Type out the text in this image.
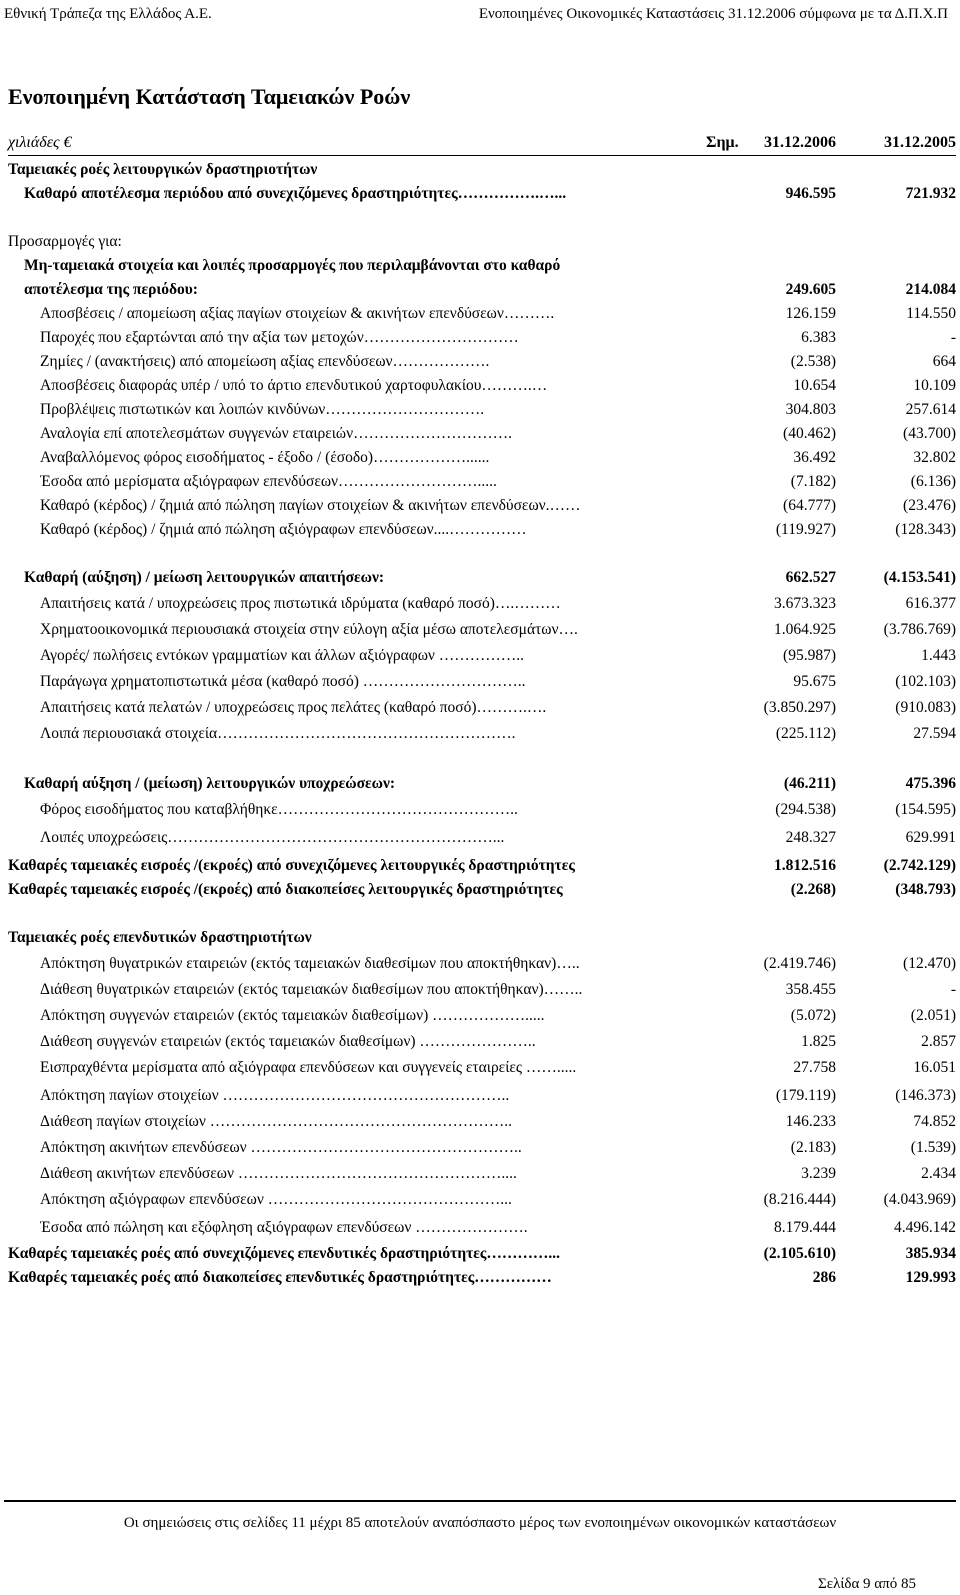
Εθνική Τράπεζα της Ελλάδος Α.Ε.	Ενοποιημένες Οικονομικές Καταστάσεις 31.12.2006 σύμφωνα με τα Δ.Π.Χ.Π
Ενοποιημένη Κατάσταση Ταμειακών Ροών
χιλιάδες €	Σημ.	31.12.2006	31.12.2005
Ταμειακές ροές λειτουργικών δραστηριοτήτων
Καθαρό αποτέλεσμα περιόδου από συνεχιζόμενες δραστηριότητες…………….…...	946.595	721.932
Προσαρμογές για:
Μη-ταμειακά στοιχεία και λοιπές προσαρμογές που περιλαμβάνονται στο καθαρό
αποτέλεσμα της περιόδου:	249.605	214.084
Αποσβέσεις / απομείωση αξίας παγίων στοιχείων & ακινήτων επενδύσεων……….	126.159	114.550
Παροχές που εξαρτώνται από την αξία των μετοχών…………………………	6.383	-
Ζημίες / (ανακτήσεις) από απομείωση αξίας επενδύσεων……………….	(2.538)	664
Αποσβέσεις διαφοράς υπέρ / υπό το άρτιο επενδυτικού χαρτοφυλακίου……….…	10.654	10.109
Προβλέψεις πιστωτικών και λοιπών κινδύνων………………………….	304.803	257.614
Αναλογία επί αποτελεσμάτων συγγενών εταιρειών………………………….	(40.462)	(43.700)
Αναβαλλόμενος φόρος εισοδήματος - έξοδο / (έσοδο)………………......	36.492	32.802
Έσοδα από μερίσματα αξιόγραφων επενδύσεων……………………….....	(7.182)	(6.136)
Καθαρό (κέρδος) / ζημιά από πώληση παγίων στοιχείων & ακινήτων επενδύσεων.……	(64.777)	(23.476)
Καθαρό (κέρδος) / ζημιά από πώληση αξιόγραφων επενδύσεων....……………	(119.927)	(128.343)
Καθαρή (αύξηση) / μείωση λειτουργικών απαιτήσεων:	662.527	(4.153.541)
Απαιτήσεις κατά / υποχρεώσεις προς πιστωτικά ιδρύματα (καθαρό ποσό)….………	3.673.323	616.377
Χρηματοοικονομικά περιουσιακά στοιχεία στην εύλογη αξία μέσω αποτελεσμάτων….	1.064.925	(3.786.769)
Αγορές/ πωλήσεις εντόκων γραμματίων και άλλων αξιόγραφων ……………..	(95.987)	1.443
Παράγωγα χρηματοπιστωτικά μέσα (καθαρό ποσό) …………………………..	95.675	(102.103)
Απαιτήσεις κατά πελατών / υποχρεώσεις προς πελάτες (καθαρό ποσό)……….….	(3.850.297)	(910.083)
Λοιπά περιουσιακά στοιχεία………………………………………………….	(225.112)	27.594
Καθαρή αύξηση / (μείωση) λειτουργικών υποχρεώσεων:	(46.211)	475.396
Φόρος εισοδήματος που καταβλήθηκε………………………………………..	(294.538)	(154.595)
Λοιπές υποχρεώσεις………………………………………………………...	248.327	629.991
Καθαρές ταμειακές εισροές /(εκροές) από συνεχιζόμενες λειτουργικές δραστηριότητες	1.812.516	(2.742.129)
Καθαρές ταμειακές εισροές /(εκροές) από διακοπείσες λειτουργικές δραστηριότητες	(2.268)	(348.793)
Ταμειακές ροές επενδυτικών δραστηριοτήτων
Απόκτηση θυγατρικών εταιρειών (εκτός ταμειακών διαθεσίμων που αποκτήθηκαν)…..	(2.419.746)	(12.470)
Διάθεση θυγατρικών εταιρειών (εκτός ταμειακών διαθεσίμων που αποκτήθηκαν)……..	358.455	-
Απόκτηση συγγενών εταιρειών (εκτός ταμειακών διαθεσίμων) ……………….....	(5.072)	(2.051)
Διάθεση συγγενών εταιρειών (εκτός ταμειακών διαθεσίμων) …………………..	1.825	2.857
Εισπραχθέντα μερίσματα από αξιόγραφα επενδύσεων και συγγενείς εταιρείες …….....	27.758	16.051
Απόκτηση παγίων στοιχείων ………………………………………………..	(179.119)	(146.373)
Διάθεση παγίων στοιχείων …………………………………………………..	146.233	74.852
Απόκτηση ακινήτων επενδύσεων ……………………………………………..	(2.183)	(1.539)
Διάθεση ακινήτων επενδύσεων ……………………………………………....	3.239	2.434
Απόκτηση αξιόγραφων επενδύσεων ………………………………………...	(8.216.444)	(4.043.969)
Έσοδα από πώληση και εξόφληση αξιόγραφων επενδύσεων ………………….	8.179.444	4.496.142
Καθαρές ταμειακές ροές από συνεχιζόμενες επενδυτικές δραστηριότητες…………...	(2.105.610)	385.934
Καθαρές ταμειακές ροές από διακοπείσες επενδυτικές δραστηριότητες……………	286	129.993
Οι σημειώσεις στις σελίδες 11 μέχρι 85 αποτελούν αναπόσπαστο μέρος των ενοποιημένων οικονομικών καταστάσεων
Σελίδα 9 από 85
